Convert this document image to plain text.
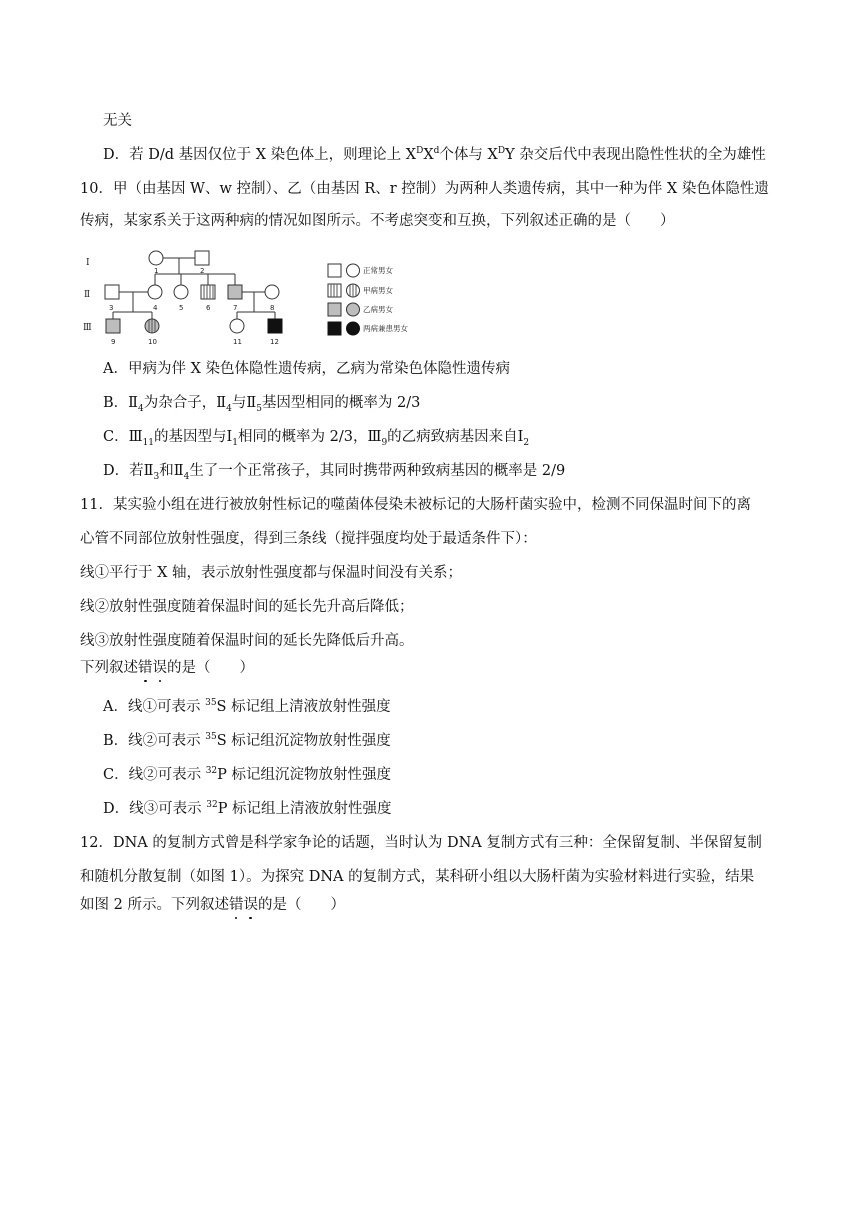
无关
D．若 D/d 基因仅位于 X 染色体上，则理论上 $X^DX^d$个体与 $X^DY$ 杂交后代中表现出隐性性状的全为雄性
10．甲（由基因 W、w 控制）、乙（由基因 R、r 控制）为两种人类遗传病，其中一种为伴 X 染色体隐性遗
传病，某家系关于这两种病的情况如图所示。不考虑突变和互换，下列叙述正确的是（　　）
Ⅰ
Ⅱ
Ⅲ
1	2
3	4	5	6	7	8
9	10	11	12
正常男女
甲病男女
乙病男女
两病兼患男女
A．甲病为伴 X 染色体隐性遗传病，乙病为常染色体隐性遗传病
B．$Ⅱ_4$为杂合子，$Ⅱ_4$与$Ⅱ_5$基因型相同的概率为 2/3
C．$Ⅲ_{11}$的基因型与$Ⅰ_1$相同的概率为 2/3，$Ⅲ_9$的乙病致病基因来自$Ⅰ_2$
D．若$Ⅱ_3$和$Ⅱ_4$生了一个正常孩子，其同时携带两种致病基因的概率是 2/9
11．某实验小组在进行被放射性标记的噬菌体侵染未被标记的大肠杆菌实验中，检测不同保温时间下的离
心管不同部位放射性强度，得到三条线（搅拌强度均处于最适条件下）：
线①平行于 X 轴，表示放射性强度都与保温时间没有关系；
线②放射性强度随着保温时间的延长先升高后降低；
线③放射性强度随着保温时间的延长先降低后升高。
下列叙述错误的是（　　）
A．线①可表示 $^{35}$S 标记组上清液放射性强度
B．线②可表示 $^{35}$S 标记组沉淀物放射性强度
C．线②可表示 $^{32}$P 标记组沉淀物放射性强度
D．线③可表示 $^{32}$P 标记组上清液放射性强度
12．DNA 的复制方式曾是科学家争论的话题，当时认为 DNA 复制方式有三种：全保留复制、半保留复制
和随机分散复制（如图 1）。为探究 DNA 的复制方式，某科研小组以大肠杆菌为实验材料进行实验，结果
如图 2 所示。下列叙述错误的是（　　）
